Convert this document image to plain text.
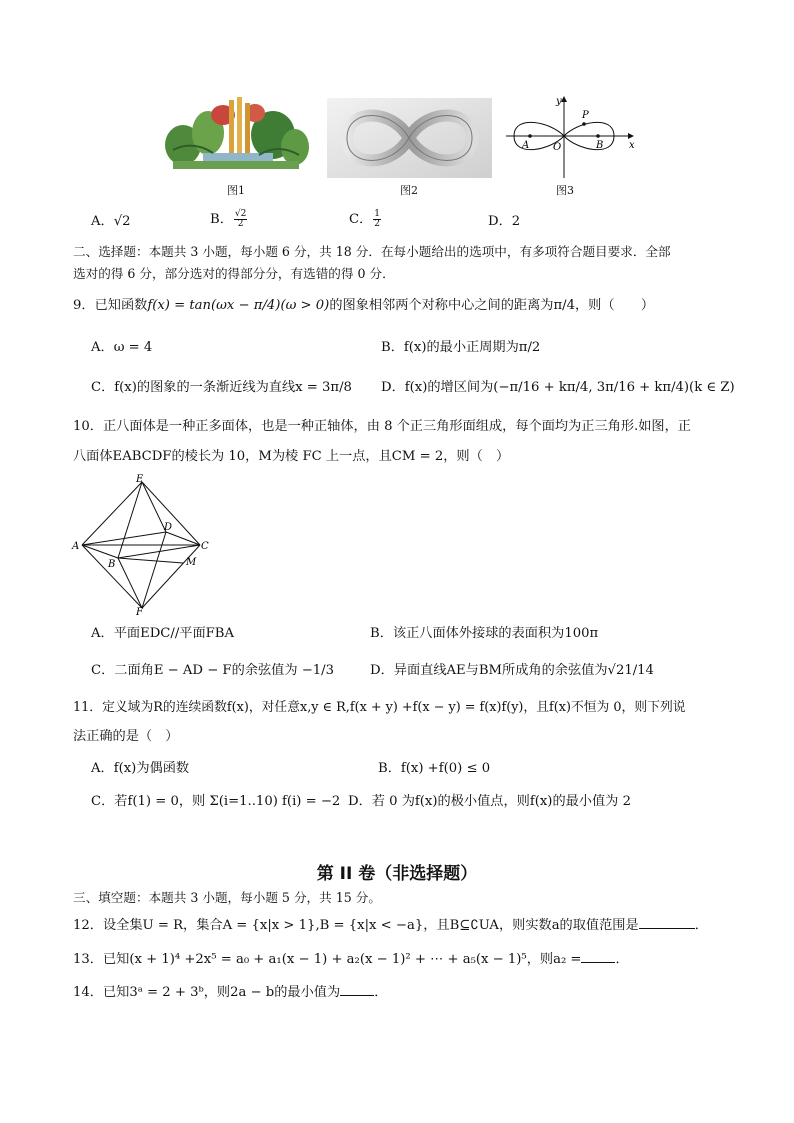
图1	图2
y
x
P
A O	B
图3
A．√2	B． $\frac{√2}{2}$	C． $\frac{1}{2}$	D．2
二、选择题：本题共 3 小题，每小题 6 分，共 18 分．在每小题给出的选项中，有多项符合题目要求．全部
选对的得 6 分，部分选对的得部分分，有选错的得 0 分．
9．已知函数f(x) = tan(ωx − π/4)(ω > 0)的图象相邻两个对称中心之间的距离为π/4，则（　　）
A．ω = 4	B．f(x)的最小正周期为π/2
C．f(x)的图象的一条渐近线为直线x = 3π/8 D．f(x)的增区间为(−π/16 + kπ/4, 3π/16 + kπ/4)(k ∈ Z)
10．正八面体是一种正多面体，也是一种正轴体，由 8 个正三角形面组成，每个面均为正三角形.如图，正
八面体EABCDF的棱长为 10，M为棱 FC 上一点，且CM = 2，则（　）
E
A
D
C
B	M
F
A．平面EDC//平面FBA	B．该正八面体外接球的表面积为100π
C．二面角E − AD − F的余弦值为 −1/3	D．异面直线AE与BM所成角的余弦值为√21/14
11．定义域为R的连续函数f(x)，对任意x,y ∈ R,f(x + y) +f(x − y) = f(x)f(y)，且f(x)不恒为 0，则下列说
法正确的是（　）
A．f(x)为偶函数	B．f(x) +f(0) ≤ 0
C．若f(1) = 0，则 Σ(i=1..10) f(i) = −2 D．若 0 为f(x)的极小值点，则f(x)的最小值为 2
第 II 卷（非选择题）
三、填空题：本题共 3 小题，每小题 5 分，共 15 分。
12．设全集U = R，集合A = {x|x > 1},B = {x|x < −a}，且B⊆∁UA，则实数a的取值范围是	．
13．已知(x + 1)⁴ +2x⁵ = a₀ + a₁(x − 1) + a₂(x − 1)² + ⋯ + a₅(x − 1)⁵，则a₂ =	．
14．已知3ᵃ = 2 + 3ᵇ，则2a − b的最小值为	．
